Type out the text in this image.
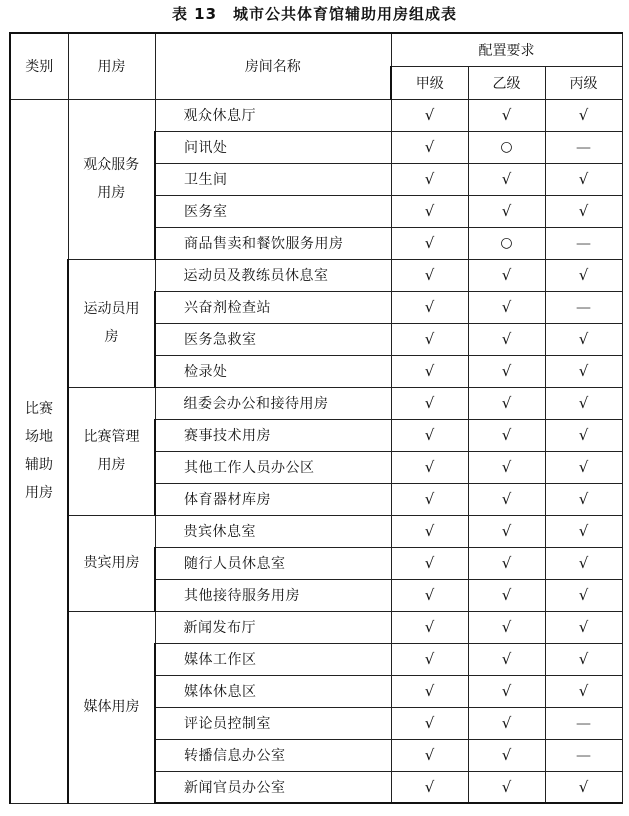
表 13 城市公共体育馆辅助用房组成表
类别	用房	房间名称	配置要求		
			甲级	乙级	丙级
比赛场地辅助用房	观众服务用房	观众休息厅	√	√	√
		问讯处	√	○	—
		卫生间	√	√	√
		医务室	√	√	√
		商品售卖和餐饮服务用房	√	○	—
	运动员用房	运动员及教练员休息室	√	√	√
		兴奋剂检查站	√	√	—
		医务急救室	√	√	√
		检录处	√	√	√
	比赛管理用房	组委会办公和接待用房	√	√	√
		赛事技术用房	√	√	√
		其他工作人员办公区	√	√	√
		体育器材库房	√	√	√
	贵宾用房	贵宾休息室	√	√	√
		随行人员休息室	√	√	√
		其他接待服务用房	√	√	√
	媒体用房	新闻发布厅	√	√	√
		媒体工作区	√	√	√
		媒体休息区	√	√	√
		评论员控制室	√	√	—
		转播信息办公室	√	√	—
		新闻官员办公室	√	√	√
